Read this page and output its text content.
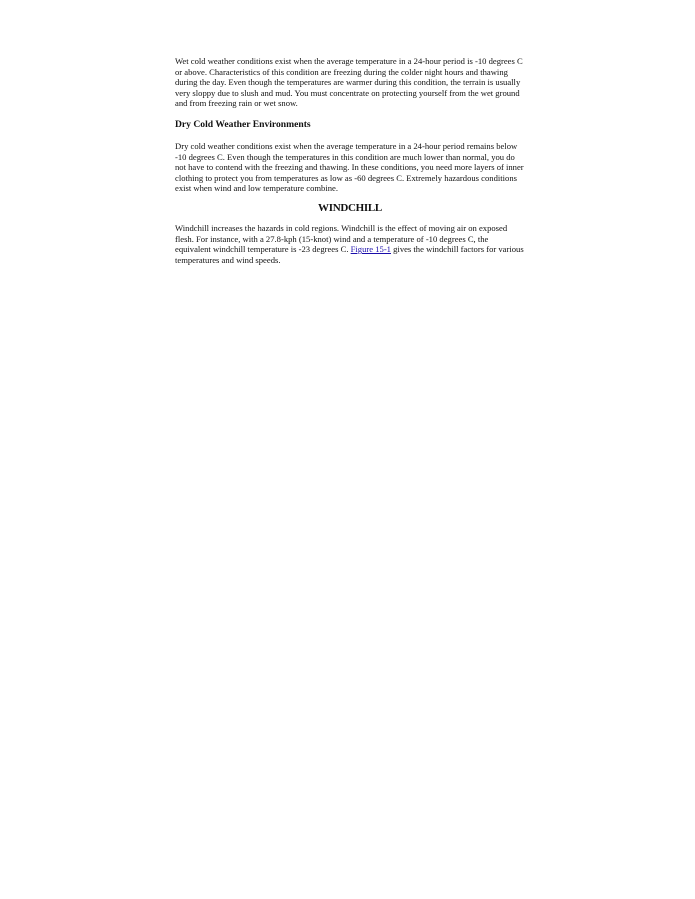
Wet cold weather conditions exist when the average temperature in a 24-hour period is -10 degrees C or above. Characteristics of this condition are freezing during the colder night hours and thawing during the day. Even though the temperatures are warmer during this condition, the terrain is usually very sloppy due to slush and mud. You must concentrate on protecting yourself from the wet ground and from freezing rain or wet snow.

Dry Cold Weather Environments

Dry cold weather conditions exist when the average temperature in a 24-hour period remains below -10 degrees C. Even though the temperatures in this condition are much lower than normal, you do not have to contend with the freezing and thawing. In these conditions, you need more layers of inner clothing to protect you from temperatures as low as -60 degrees C. Extremely hazardous conditions exist when wind and low temperature combine.

WINDCHILL

Windchill increases the hazards in cold regions. Windchill is the effect of moving air on exposed flesh. For instance, with a 27.8-kph (15-knot) wind and a temperature of -10 degrees C, the equivalent windchill temperature is -23 degrees C. Figure 15-1 gives the windchill factors for various temperatures and wind speeds.
